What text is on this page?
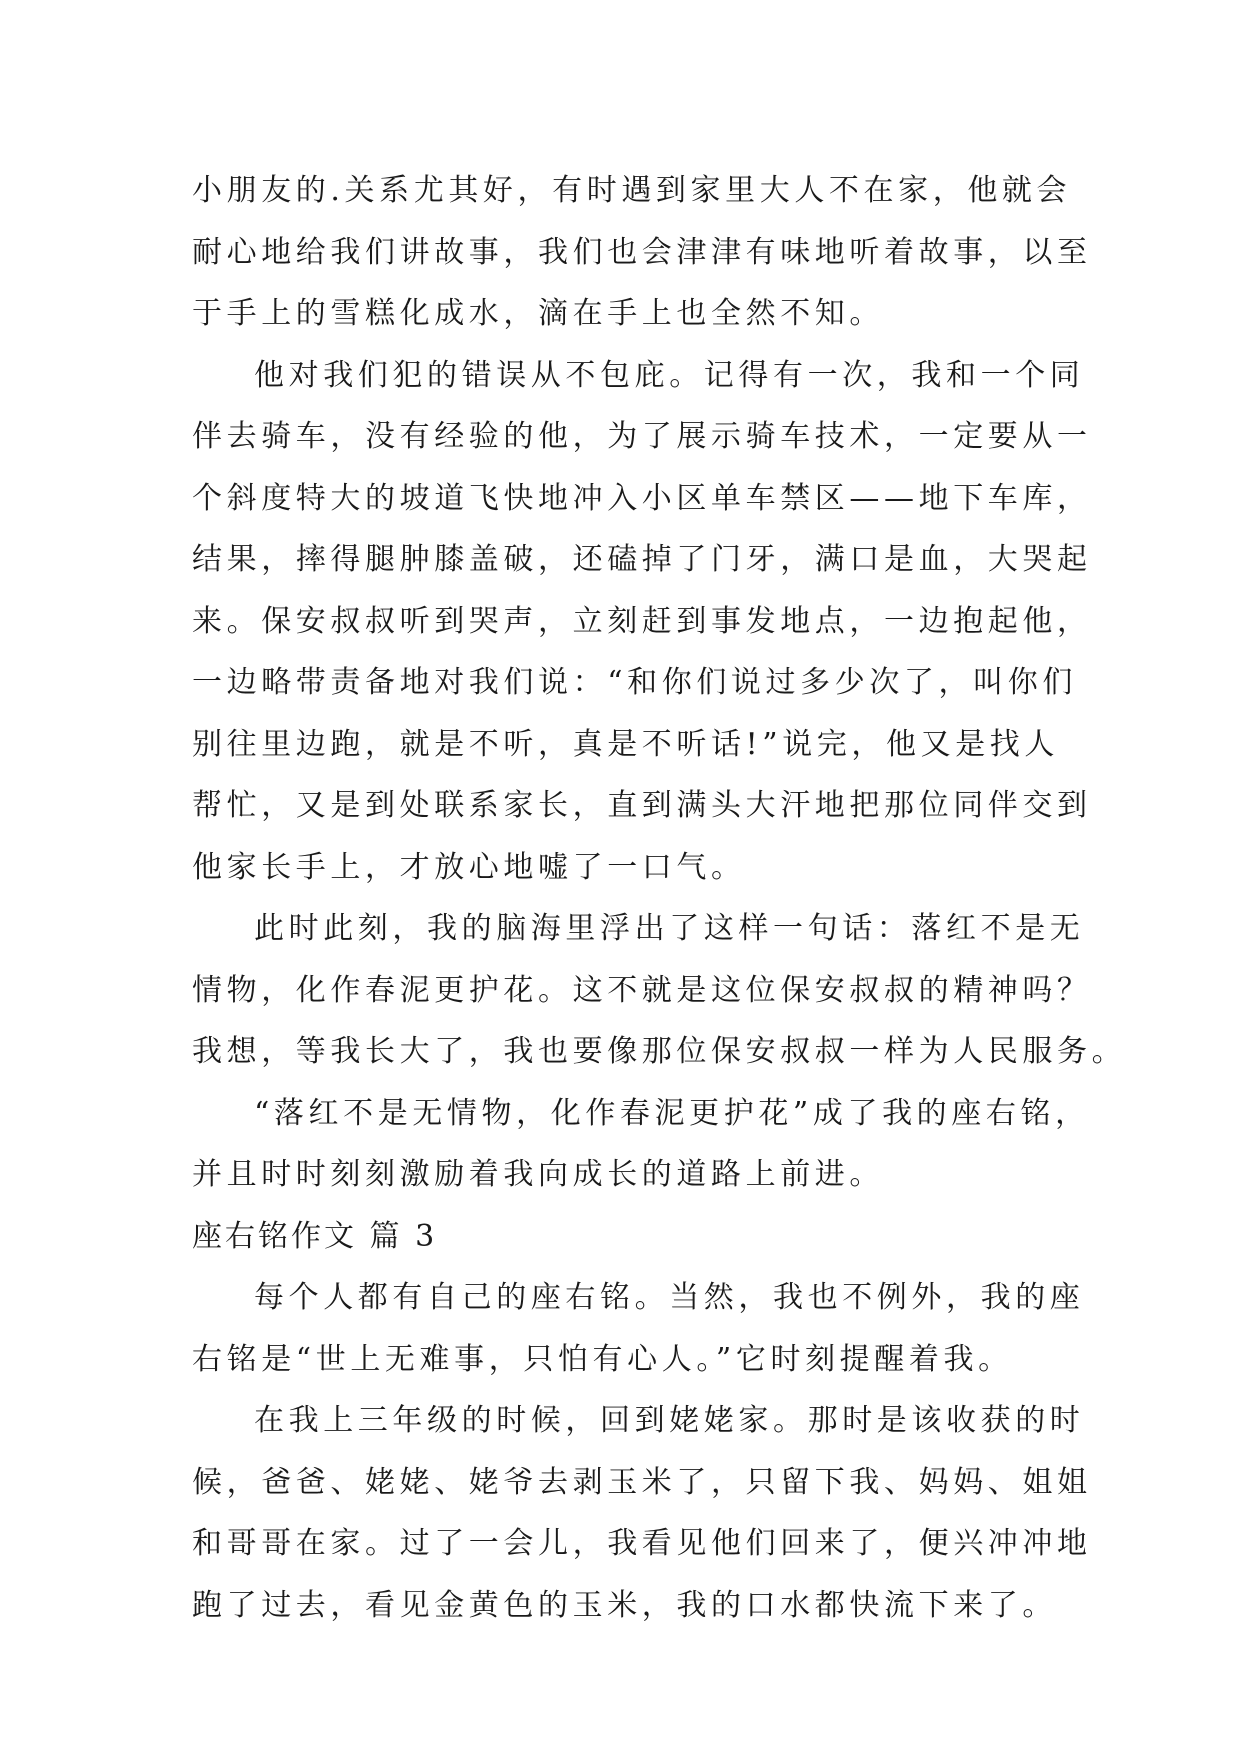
小朋友的.关系尤其好，有时遇到家里大人不在家，他就会
耐心地给我们讲故事，我们也会津津有味地听着故事，以至
于手上的雪糕化成水，滴在手上也全然不知。
他对我们犯的错误从不包庇。记得有一次，我和一个同
伴去骑车，没有经验的他，为了展示骑车技术，一定要从一
个斜度特大的坡道飞快地冲入小区单车禁区——地下车库，
结果，摔得腿肿膝盖破，还磕掉了门牙，满口是血，大哭起
来。保安叔叔听到哭声，立刻赶到事发地点，一边抱起他，
一边略带责备地对我们说：“和你们说过多少次了，叫你们
别往里边跑，就是不听，真是不听话!”说完，他又是找人
帮忙，又是到处联系家长，直到满头大汗地把那位同伴交到
他家长手上，才放心地嘘了一口气。
此时此刻，我的脑海里浮出了这样一句话：落红不是无
情物，化作春泥更护花。这不就是这位保安叔叔的精神吗？
我想，等我长大了，我也要像那位保安叔叔一样为人民服务。
“落红不是无情物，化作春泥更护花”成了我的座右铭，
并且时时刻刻激励着我向成长的道路上前进。
座右铭作文 篇 3
每个人都有自己的座右铭。当然，我也不例外，我的座
右铭是“世上无难事，只怕有心人。”它时刻提醒着我。
在我上三年级的时候，回到姥姥家。那时是该收获的时
候，爸爸、姥姥、姥爷去剥玉米了，只留下我、妈妈、姐姐
和哥哥在家。过了一会儿，我看见他们回来了，便兴冲冲地
跑了过去，看见金黄色的玉米，我的口水都快流下来了。
